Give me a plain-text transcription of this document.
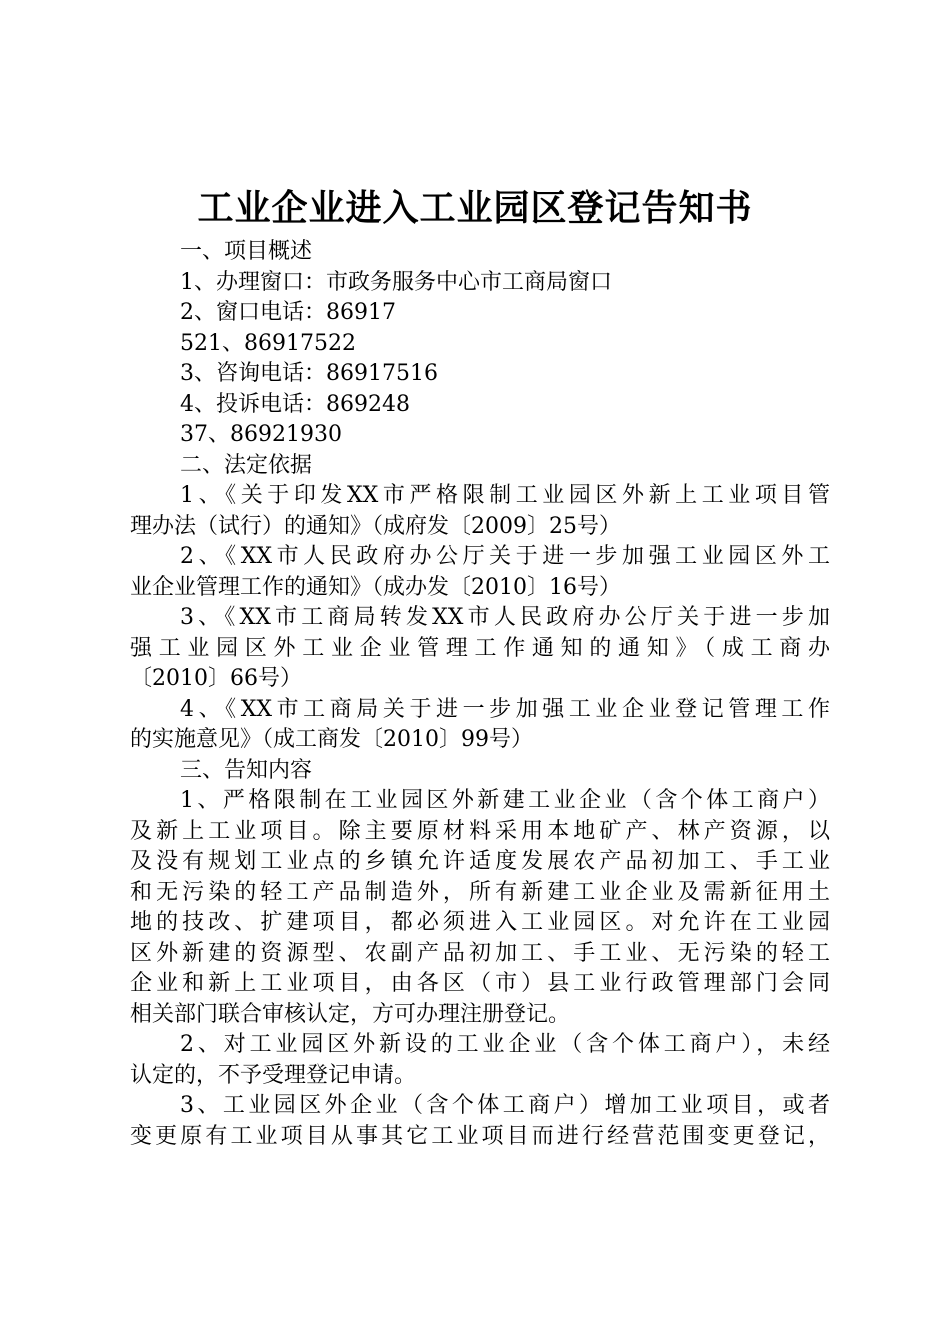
工业企业进入工业园区登记告知书
一、项目概述
1、办理窗口：市政务服务中心市工商局窗口
2、窗口电话：86917
521、86917522
3、咨询电话：86917516
4、投诉电话：869248
37、86921930
二、法定依据
1、《关于印发XX市严格限制工业园区外新上工业项目管
理办法（试行）的通知》（成府发〔2009〕25号）
2、《XX市人民政府办公厅关于进一步加强工业园区外工
业企业管理工作的通知》（成办发〔2010〕16号）
3、《XX市工商局转发XX市人民政府办公厅关于进一步加
强工业园区外工业企业管理工作通知的通知》（成工商办
〔2010〕66号）
4、《XX市工商局关于进一步加强工业企业登记管理工作
的实施意见》（成工商发〔2010〕99号）
三、告知内容
1、严格限制在工业园区外新建工业企业（含个体工商户）
及新上工业项目。除主要原材料采用本地矿产、林产资源，以
及没有规划工业点的乡镇允许适度发展农产品初加工、手工业
和无污染的轻工产品制造外，所有新建工业企业及需新征用土
地的技改、扩建项目，都必须进入工业园区。对允许在工业园
区外新建的资源型、农副产品初加工、手工业、无污染的轻工
企业和新上工业项目，由各区（市）县工业行政管理部门会同
相关部门联合审核认定，方可办理注册登记。
2、对工业园区外新设的工业企业（含个体工商户），未经
认定的，不予受理登记申请。
3、工业园区外企业（含个体工商户）增加工业项目，或者
变更原有工业项目从事其它工业项目而进行经营范围变更登记，
